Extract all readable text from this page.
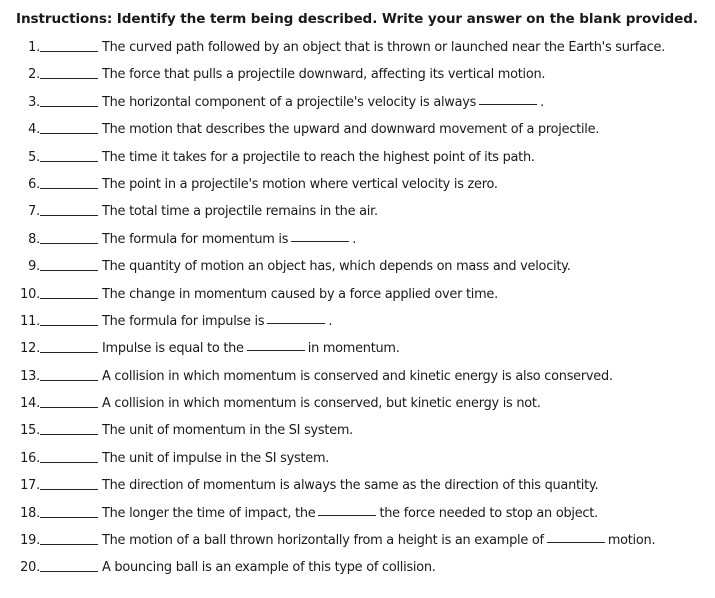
Instructions: Identify the term being described. Write your answer on the blank provided.
1.	The curved path followed by an object that is thrown or launched near the Earth's surface.
2.	The force that pulls a projectile downward, affecting its vertical motion.
3.	The horizontal component of a projectile's velocity is always	.
4.	The motion that describes the upward and downward movement of a projectile.
5.	The time it takes for a projectile to reach the highest point of its path.
6.	The point in a projectile's motion where vertical velocity is zero.
7.	The total time a projectile remains in the air.
8.	The formula for momentum is	.
9.	The quantity of motion an object has, which depends on mass and velocity.
10.	The change in momentum caused by a force applied over time.
11.	The formula for impulse is	.
12.	Impulse is equal to the	in momentum.
13.	A collision in which momentum is conserved and kinetic energy is also conserved.
14.	A collision in which momentum is conserved, but kinetic energy is not.
15.	The unit of momentum in the SI system.
16.	The unit of impulse in the SI system.
17.	The direction of momentum is always the same as the direction of this quantity.
18.	The longer the time of impact, the	the force needed to stop an object.
19.	The motion of a ball thrown horizontally from a height is an example of	motion.
20.	A bouncing ball is an example of this type of collision.
